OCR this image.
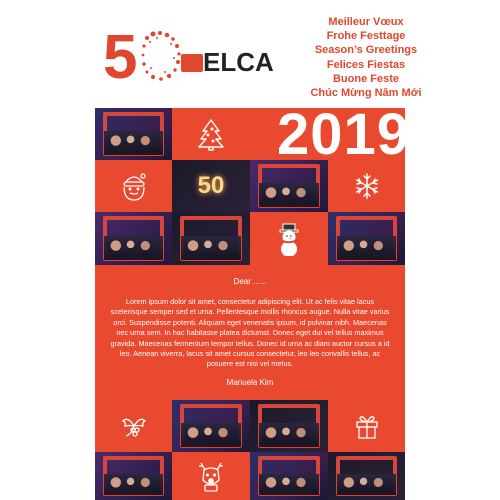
5	ELCA
Meilleur Vœux
Frohe Festtage
Season’s Greetings
Felices Fiestas
Buone Feste
Chúc Mừng Năm Mới
50
2019
Dear ......
Lorem ipsum dolor sit amet, consectetur adipiscing elit. Ut ac felis vitae lacus scelerisque semper sed et urna. Pellentesque mollis rhoncus augue. Nulla vitae varius orci. Suspendisse potenti. Aliquam eget venenatis ipsum, id pulvinar nibh. Maecenas nec urna sem. In hac habitasse platea dictumst. Donec eget dui vel tellus maximus gravida. Maecenas fermentum tempor tellus. Donec id urna ac diam auctor cursus a id leo. Aenean viverra, lacus sit amet cursus consectetur, leo leo convallis tellus, ac posuere est nisi vel metus.
Manuela Kim
